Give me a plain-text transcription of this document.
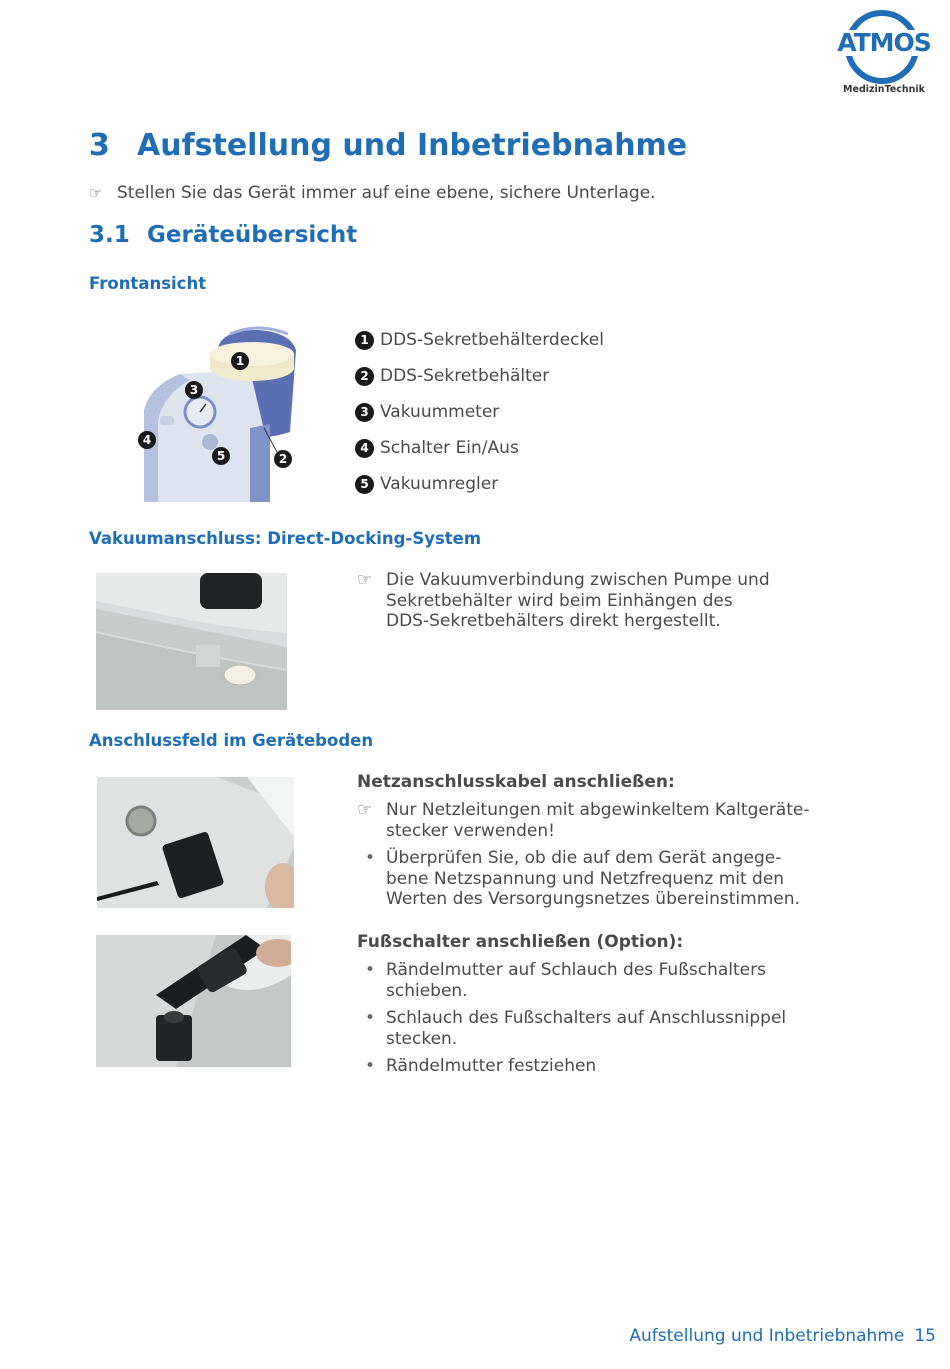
ATMOS
MedizinTechnik
3 Aufstellung und Inbetriebnahme
☞ Stellen Sie das Gerät immer auf eine ebene, sichere Unterlage.
3.1 Geräteübersicht
Frontansicht
1
2
3
4
5
1 DDS-Sekretbehälterdeckel
2 DDS-Sekretbehälter
3 Vakuummeter
4 Schalter Ein/Aus
5 Vakuumregler
Vakuumanschluss: Direct-Docking-System
☞ Die Vakuumverbindung zwischen Pumpe und
Sekretbehälter wird beim Einhängen des
DDS-Sekretbehälters direkt hergestellt.
Anschlussfeld im Geräteboden
Netzanschlusskabel anschließen:
☞ Nur Netzleitungen mit abgewinkeltem Kaltgeräte-
stecker verwenden!
• Überprüfen Sie, ob die auf dem Gerät angege-
bene Netzspannung und Netzfrequenz mit den
Werten des Versorgungsnetzes übereinstimmen.
Fußschalter anschließen (Option):
• Rändelmutter auf Schlauch des Fußschalters
schieben.
• Schlauch des Fußschalters auf Anschlussnippel
stecken.
• Rändelmutter festziehen
Aufstellung und Inbetriebnahme 15
